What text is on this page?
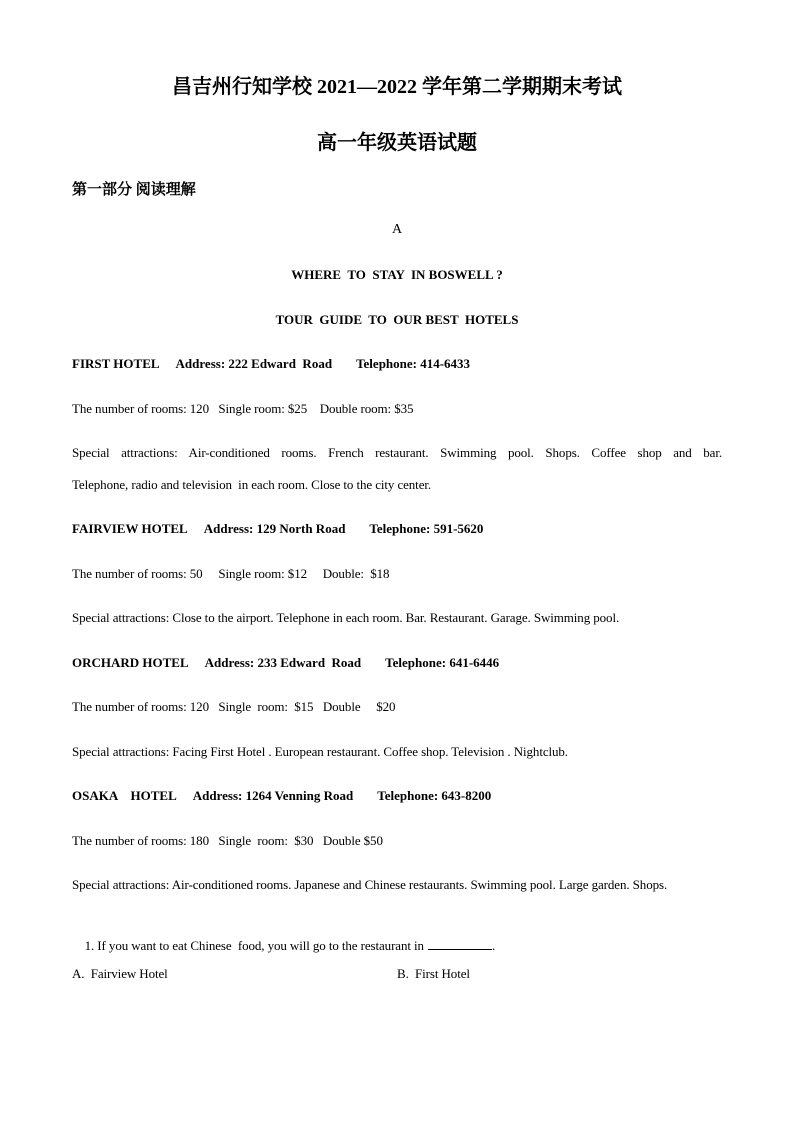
昌吉州行知学校 2021—2022 学年第二学期期末考试
高一年级英语试题
第一部分 阅读理解
A
WHERE  TO  STAY  IN BOSWELL ?
TOUR  GUIDE  TO  OUR BEST  HOTELS
FIRST HOTEL Address: 222 Edward  Road Telephone: 414-6433
The number of rooms: 120   Single room: $25    Double room: $35
Special attractions: Air-conditioned rooms. French restaurant. Swimming pool. Shops. Coffee shop and bar.
Telephone, radio and television  in each room. Close to the city center.
FAIRVIEW HOTEL Address: 129 North Road Telephone: 591-5620
The number of rooms: 50     Single room: $12     Double:  $18
Special attractions: Close to the airport. Telephone in each room. Bar. Restaurant. Garage. Swimming pool.
ORCHARD HOTEL Address: 233 Edward  Road Telephone: 641-6446
The number of rooms: 120   Single  room:  $15   Double     $20
Special attractions: Facing First Hotel . European restaurant. Coffee shop. Television . Nightclub.
OSAKA    HOTEL Address: 1264 Venning Road Telephone: 643-8200
The number of rooms: 180   Single  room:  $30   Double $50
Special attractions: Air-conditioned rooms. Japanese and Chinese restaurants. Swimming pool. Large garden. Shops.

1. If you want to eat Chinese  food, you will go to the restaurant in	.

A.  Fairview Hotel	B.  First Hotel
